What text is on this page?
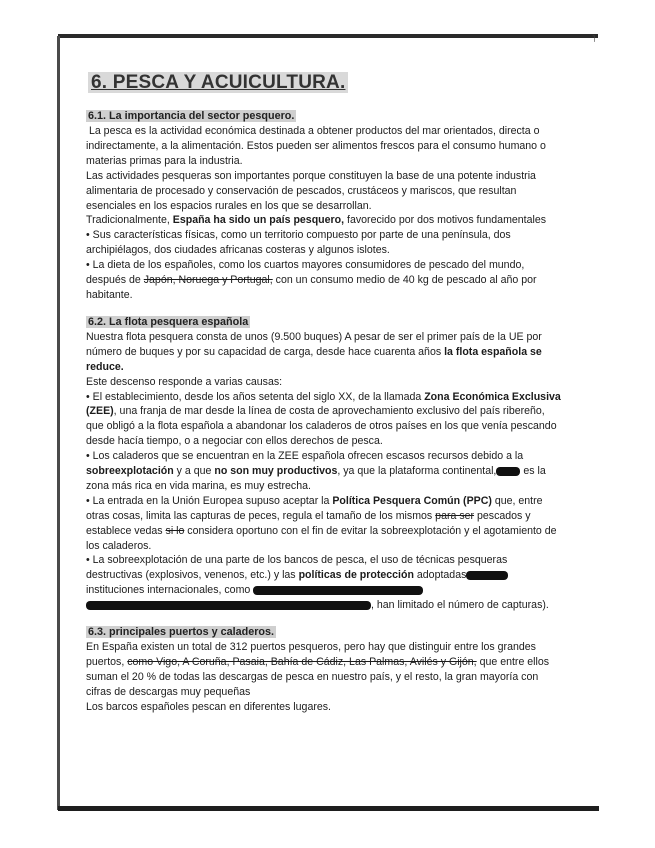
˥
6. PESCA Y ACUICULTURA.
6.1. La importancia del sector pesquero.

La pesca es la actividad económica destinada a obtener productos del mar orientados, directa o indirectamente, a la alimentación. Estos pueden ser alimentos frescos para el consumo humano o materias primas para la industria.

Las actividades pesqueras son importantes porque constituyen la base de una potente industria alimentaria de procesado y conservación de pescados, crustáceos y mariscos, que resultan esenciales en los espacios rurales en los que se desarrollan.

Tradicionalmente, España ha sido un país pesquero, favorecido por dos motivos fundamentales

• Sus características físicas, como un territorio compuesto por parte de una península, dos archipiélagos, dos ciudades africanas costeras y algunos islotes.

• La dieta de los españoles, como los cuartos mayores consumidores de pescado del mundo, después de Japón, Noruega y Portugal, con un consumo medio de 40 kg de pescado al año por habitante.

6.2. La flota pesquera española

Nuestra flota pesquera consta de unos (9.500 buques) A pesar de ser el primer país de la UE por número de buques y por su capacidad de carga, desde hace cuarenta años la flota española se reduce.

Este descenso responde a varias causas:

• El establecimiento, desde los años setenta del siglo XX, de la llamada Zona Económica Exclusiva (ZEE), una franja de mar desde la línea de costa de aprovechamiento exclusivo del país ribereño, que obligó a la flota española a abandonar los caladeros de otros países en los que venía pescando desde hacía tiempo, o a negociar con ellos derechos de pesca.

• Los caladeros que se encuentran en la ZEE española ofrecen escasos recursos debido a la sobreexplotación y a que no son muy productivos, ya que la plataforma continental, es la zona más rica en vida marina, es muy estrecha.

• La entrada en la Unión Europea supuso aceptar la Política Pesquera Común (PPC) que, entre otras cosas, limita las capturas de peces, regula el tamaño de los mismos para ser pescados y establece vedas si lo considera oportuno con el fin de evitar la sobreexplotación y el agotamiento de los caladeros.

• La sobreexplotación de una parte de los bancos de pesca, el uso de técnicas pesqueras destructivas (explosivos, venenos, etc.) y las políticas de protección adoptadas instituciones internacionales, como , han limitado el número de capturas).

6.3. principales puertos y caladeros.

En España existen un total de 312 puertos pesqueros, pero hay que distinguir entre los grandes puertos, como Vigo, A Coruña, Pasaia, Bahía de Cádiz, Las Palmas, Avilés y Gijón, que entre ellos suman el 20 % de todas las descargas de pesca en nuestro país, y el resto, la gran mayoría con cifras de descargas muy pequeñas

Los barcos españoles pescan en diferentes lugares.
